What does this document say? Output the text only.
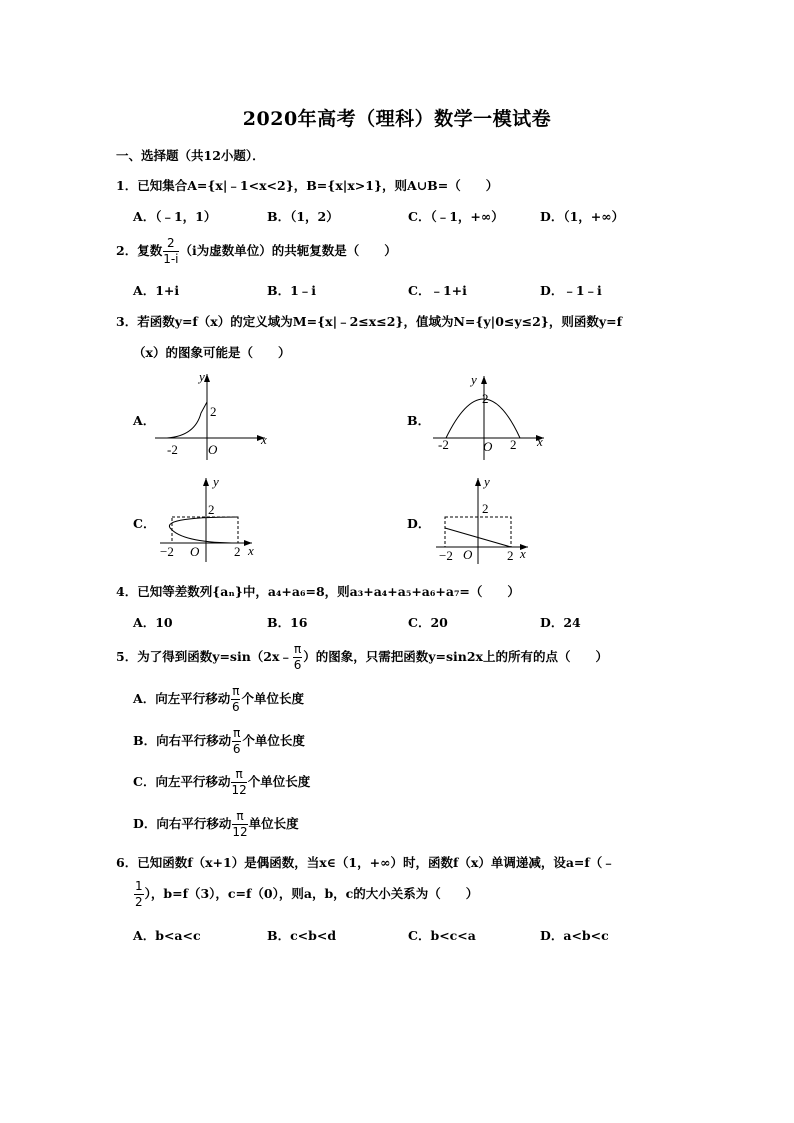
2020年高考（理科）数学一模试卷
一、选择题（共12小题）．
1．已知集合A={x|﹣1<x<2}，B={x|x>1}，则A∪B=（　　）
A．（﹣1，1）	B．（1，2）	C．（﹣1，+∞）	D．（1，+∞）
2．复数 $\frac{2}{1-i} (i$为虚数单位）的共轭复数是（　　）
A．1+i	B．1﹣i	C．﹣1+i	D．﹣1﹣i
3．若函数y=f（x）的定义域为M={x|﹣2≤x≤2}，值域为N={y|0≤y≤2}，则函数y=f
（x）的图象可能是（　　）
A．	B．
C．	D．
y
x
2
-2 O
y
x
2
-2	O 2
y
x
2
−2 O	2
y
x
2
−2 O	2
4．已知等差数列{aₙ}中，a₄+a₆=8，则a₃+a₄+a₅+a₆+a₇=（　　）
A．10	B．16	C．20	D．24
5．为了得到函数y=sin（2x﹣ $\frac{\pi}{6}$ ）的图象，只需把函数y=sin2x上的所有的点（　　）
A．向左平行移动 $\frac{\pi}{6}$ 个单位长度
B．向右平行移动 $\frac{\pi}{6}$ 个单位长度
C．向左平行移动 $\frac{\pi}{12}$ 个单位长度
D．向右平行移动 $\frac{\pi}{12}$ 单位长度
6．已知函数f（x+1）是偶函数，当x∈（1，+∞）时，函数f（x）单调递减，设a=f（﹣
$\frac{1}{2}$ ），b=f（3），c=f（0），则a，b，c的大小关系为（　　）
A．b<a<c	B．c<b<d	C．b<c<a	D．a<b<c
